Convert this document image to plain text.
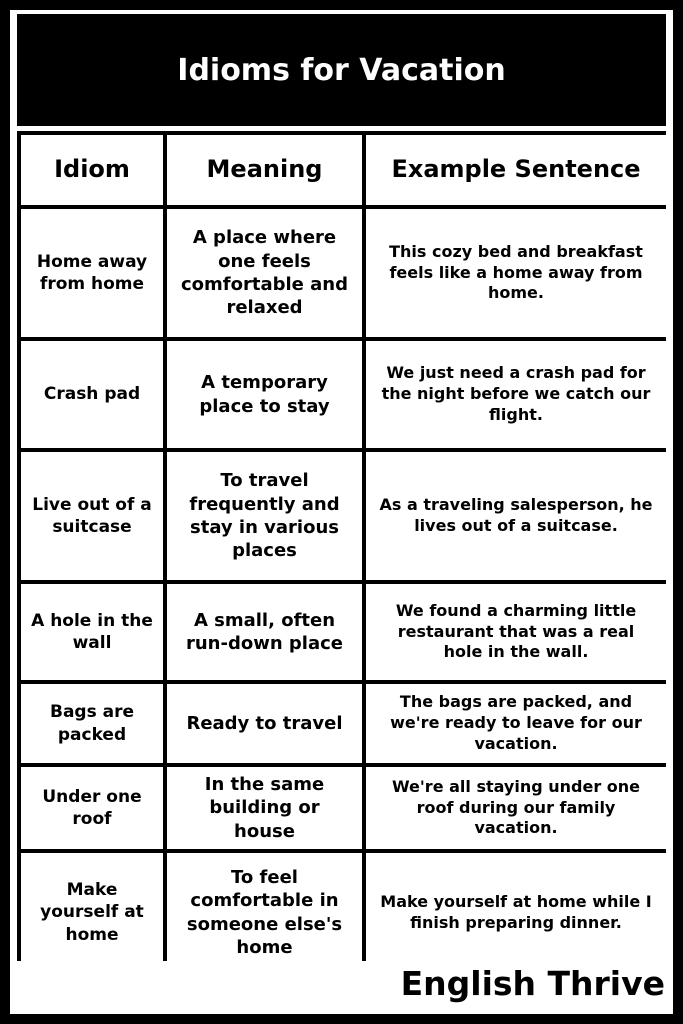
Idioms for Vacation
Idiom	Meaning	Example Sentence
Home away from home
A place where one feels comfortable and relaxed
This cozy bed and breakfast feels like a home away from home.
Crash pad
A temporary place to stay
We just need a crash pad for the night before we catch our flight.
Live out of a suitcase
To travel frequently and stay in various places
As a traveling salesperson, he lives out of a suitcase.
A hole in the wall
A small, often run-down place
We found a charming little restaurant that was a real hole in the wall.
Bags are packed
Ready to travel
The bags are packed, and we're ready to leave for our vacation.
Under one roof
In the same building or house
We're all staying under one roof during our family vacation.
Make yourself at home
To feel comfortable in someone else's home
Make yourself at home while I finish preparing dinner.
English Thrive
